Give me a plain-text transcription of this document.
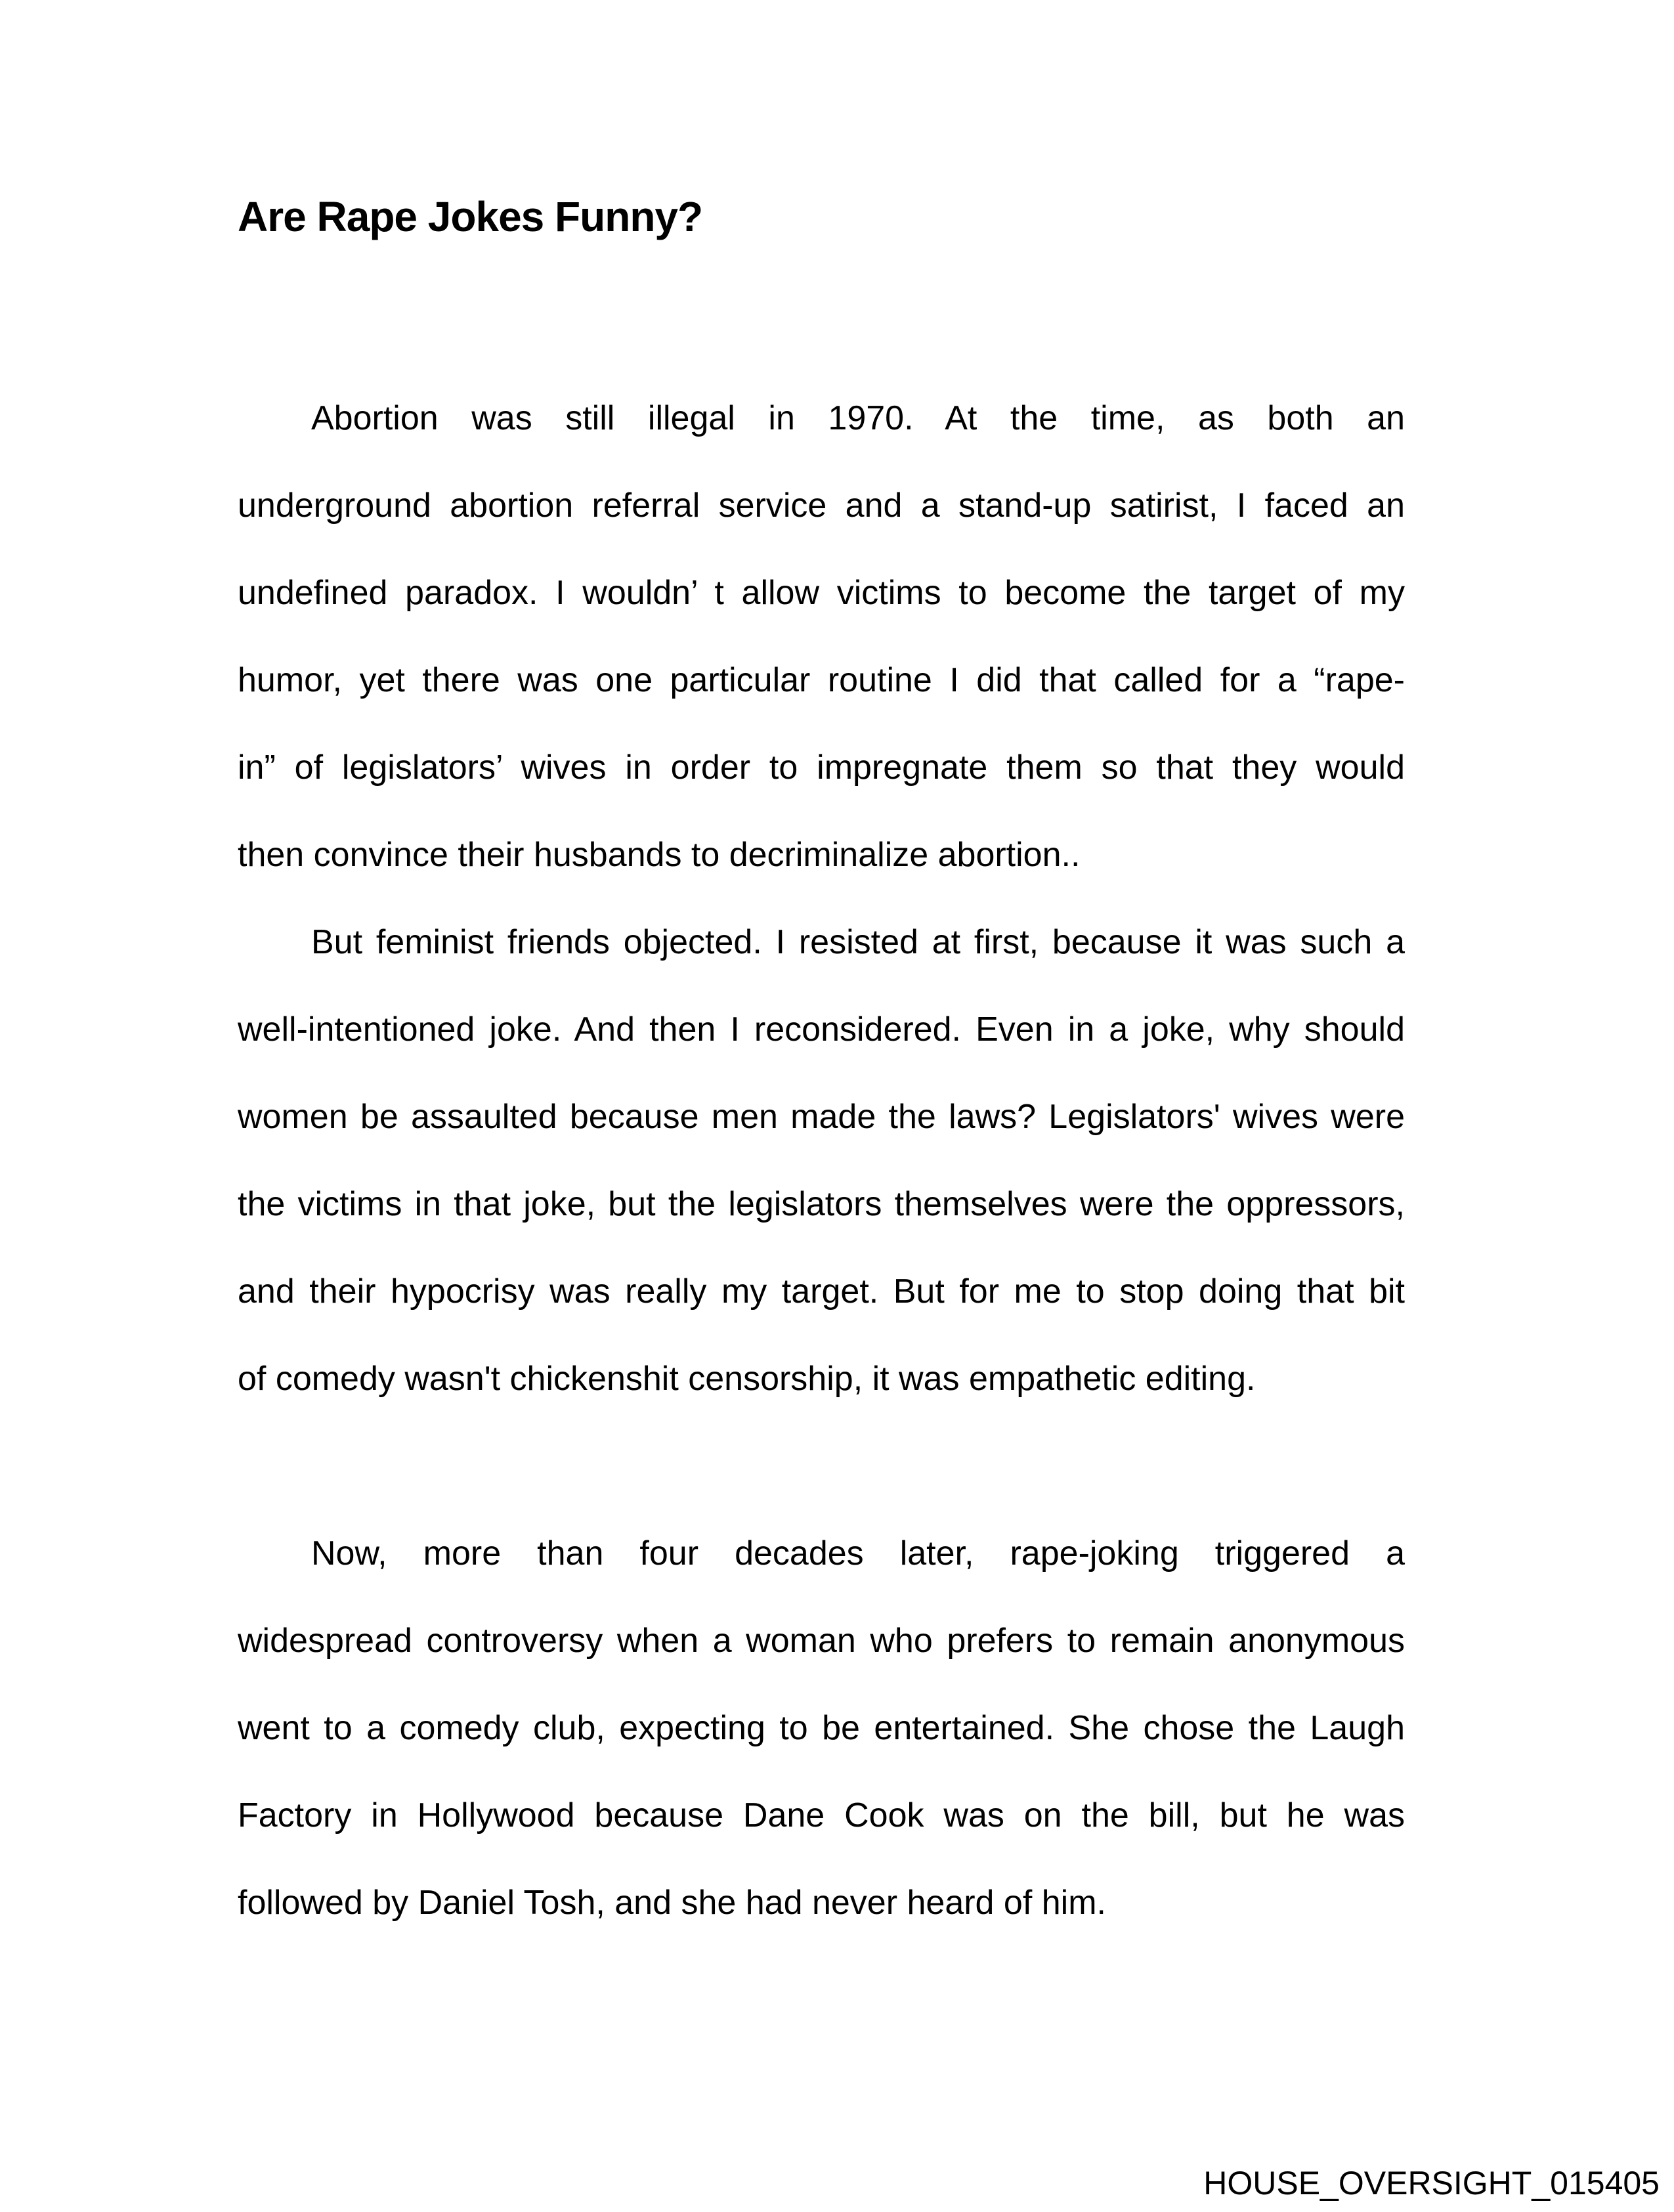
Are Rape Jokes Funny?
Abortion was still illegal in 1970. At the time, as both an
underground abortion referral service and a stand-up satirist, I faced an
undefined paradox. I wouldn’ t allow victims to become the target of my
humor, yet there was one particular routine I did that called for a “rape-
in” of legislators’ wives in order to impregnate them so that they would
then convince their husbands to decriminalize abortion..
But feminist friends objected. I resisted at first, because it was such a
well-intentioned joke. And then I reconsidered. Even in a joke, why should
women be assaulted because men made the laws? Legislators' wives were
the victims in that joke, but the legislators themselves were the oppressors,
and their hypocrisy was really my target. But for me to stop doing that bit
of comedy wasn't chickenshit censorship, it was empathetic editing.
Now, more than four decades later, rape-joking triggered a
widespread controversy when a woman who prefers to remain anonymous
went to a comedy club, expecting to be entertained. She chose the Laugh
Factory in Hollywood because Dane Cook was on the bill, but he was
followed by Daniel Tosh, and she had never heard of him.
HOUSE_OVERSIGHT_015405
